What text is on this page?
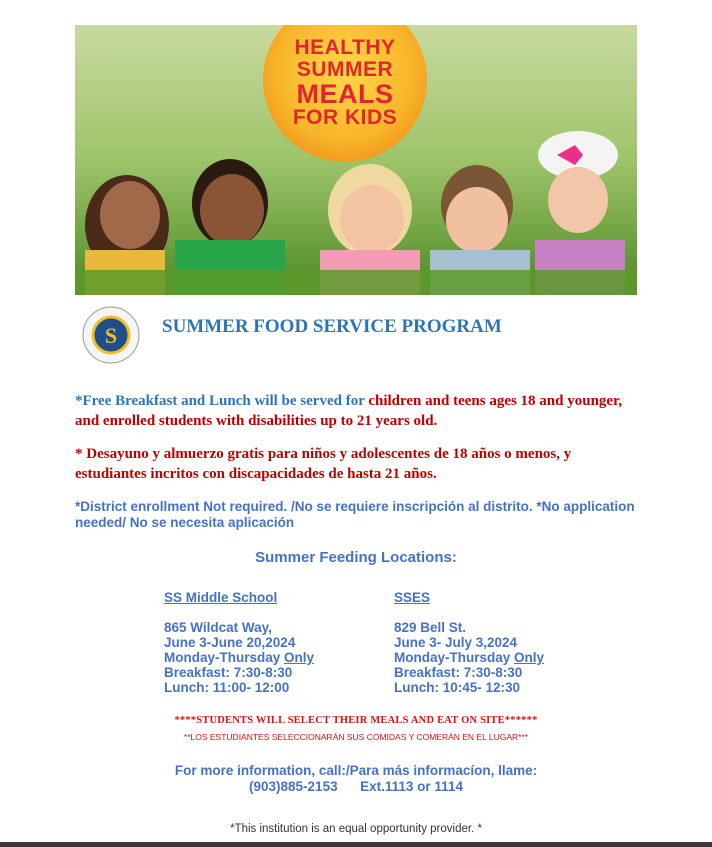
HEALTHY
SUMMER
MEALS
FOR KIDS
S SUMMER FOOD SERVICE PROGRAM
*Free Breakfast and Lunch will be served for children and teens ages 18 and younger, and enrolled students with disabilities up to 21 years old.
* Desayuno y almuerzo gratis para niños y adolescentes de 18 años o menos, y estudiantes incritos con discapacidades de hasta 21 años.
*District enrollment Not required. /No se requiere inscripción al distrito. *No application needed/ No se necesita aplicación
Summer Feeding Locations:
SS Middle School
865 Wildcat Way,
June 3-June 20,2024
Monday-Thursday Only
Breakfast: 7:30-8:30
Lunch: 11:00- 12:00
SSES
829 Bell St.
June 3- July 3,2024
Monday-Thursday Only
Breakfast: 7:30-8:30
Lunch: 10:45- 12:30
****STUDENTS WILL SELECT THEIR MEALS AND EAT ON SITE******
**LOS ESTUDIANTES SELECCIONARÁN SUS COMIDAS Y COMERÁN EN EL LUGAR***
For more information, call:/Para más informacíon, llame:
(903)885-2153 Ext.1113 or 1114
*This institution is an equal opportunity provider. *
